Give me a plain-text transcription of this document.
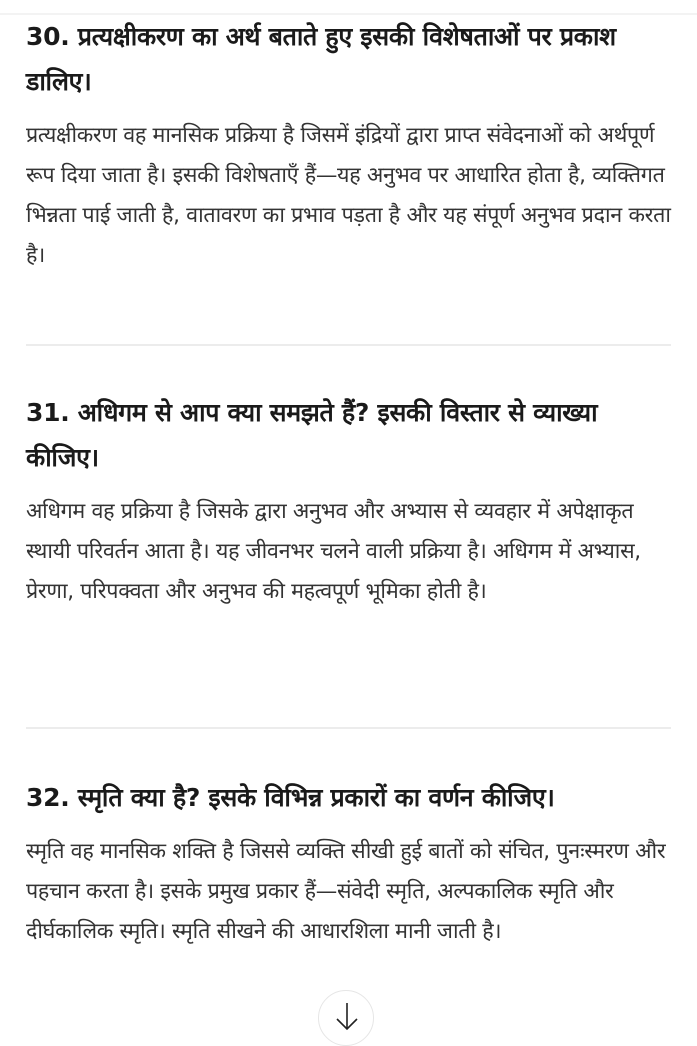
30. प्रत्यक्षीकरण का अर्थ बताते हुए इसकी विशेषताओं पर प्रकाश डालिए।

प्रत्यक्षीकरण वह मानसिक प्रक्रिया है जिसमें इंद्रियों द्वारा प्राप्त संवेदनाओं को अर्थपूर्ण रूप दिया जाता है। इसकी विशेषताएँ हैं—यह अनुभव पर आधारित होता है, व्यक्तिगत भिन्नता पाई जाती है, वातावरण का प्रभाव पड़ता है और यह संपूर्ण अनुभव प्रदान करता है।

31. अधिगम से आप क्या समझते हैं? इसकी विस्तार से व्याख्या कीजिए।

अधिगम वह प्रक्रिया है जिसके द्वारा अनुभव और अभ्यास से व्यवहार में अपेक्षाकृत स्थायी परिवर्तन आता है। यह जीवनभर चलने वाली प्रक्रिया है। अधिगम में अभ्यास, प्रेरणा, परिपक्वता और अनुभव की महत्वपूर्ण भूमिका होती है।

32. स्मृति क्या है? इसके विभिन्न प्रकारों का वर्णन कीजिए।

स्मृति वह मानसिक शक्ति है जिससे व्यक्ति सीखी हुई बातों को संचित, पुनःस्मरण और पहचान करता है। इसके प्रमुख प्रकार हैं—संवेदी स्मृति, अल्पकालिक स्मृति और दीर्घकालिक स्मृति। स्मृति सीखने की आधारशिला मानी जाती है।
